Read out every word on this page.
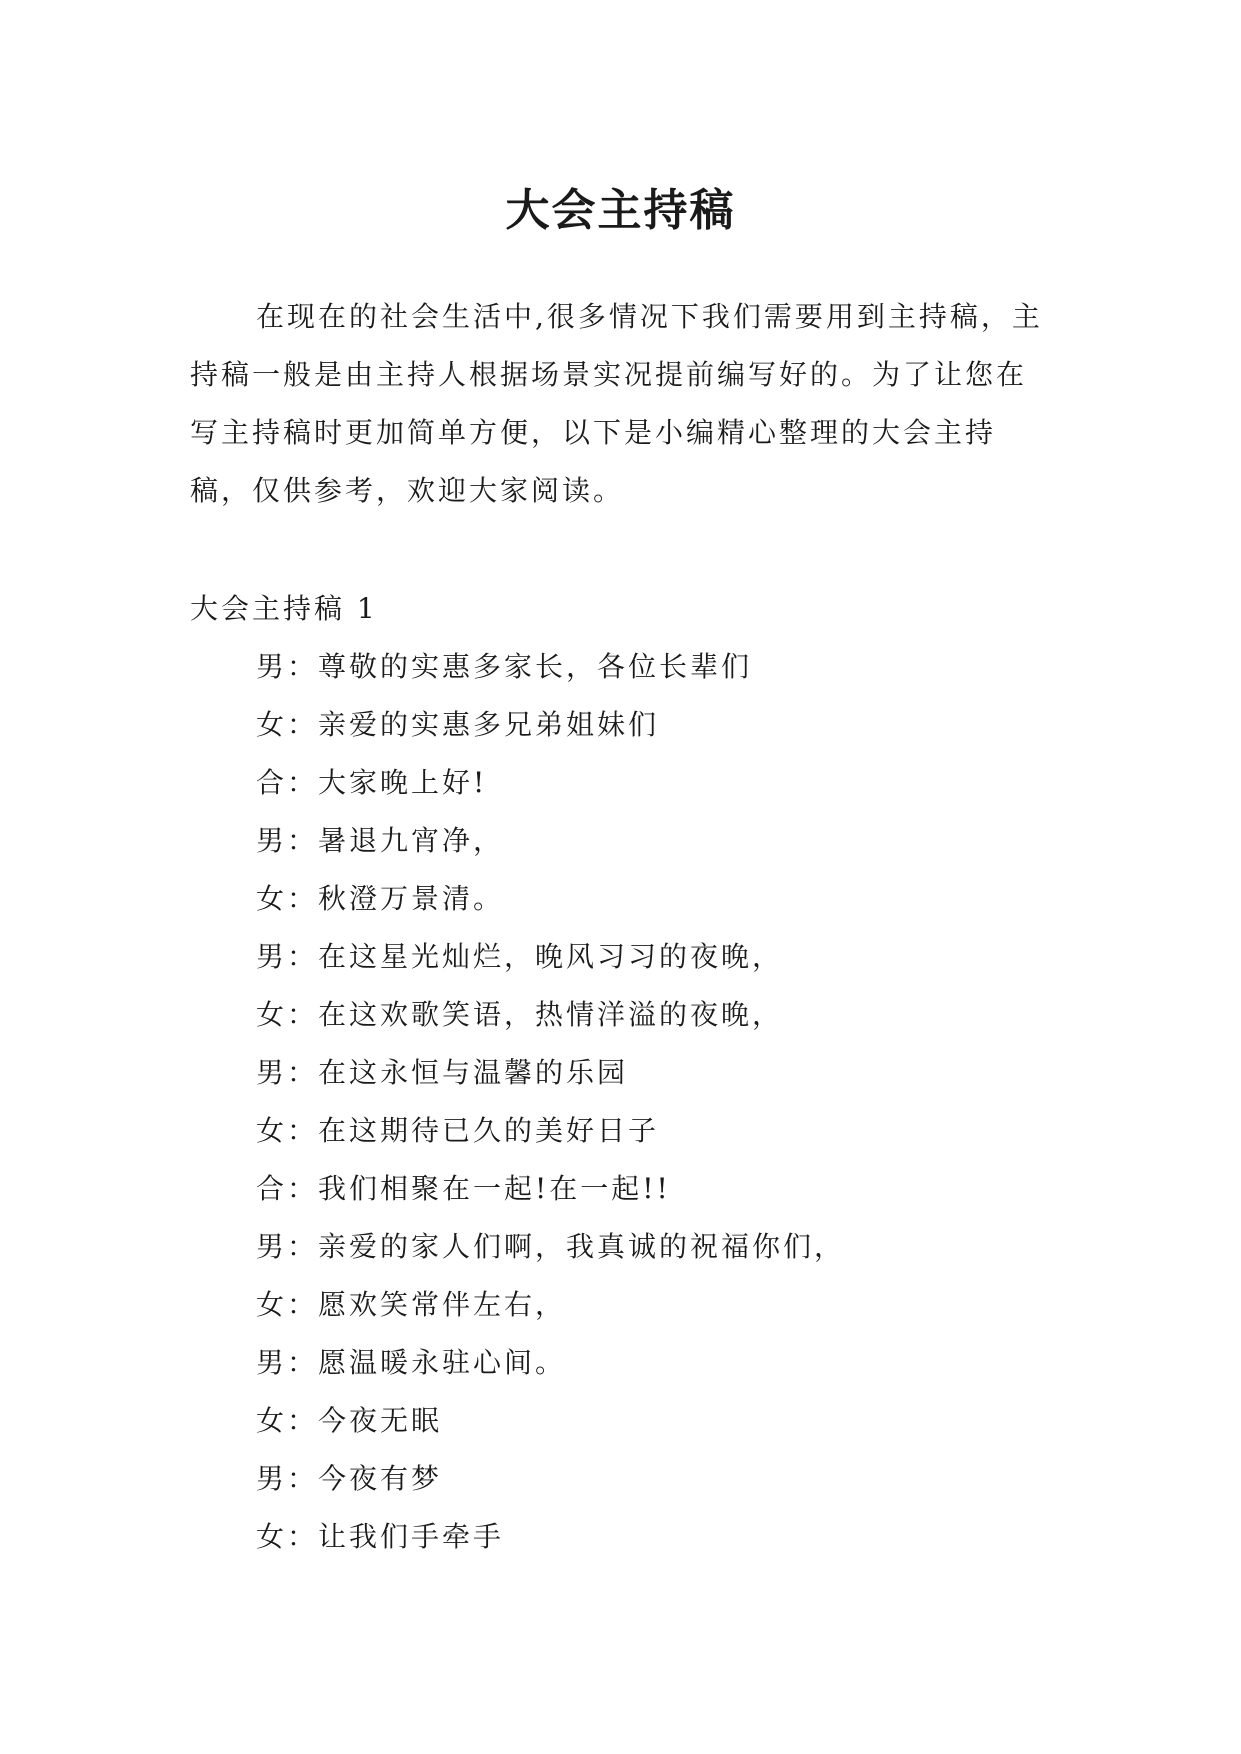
大会主持稿

在现在的社会生活中,很多情况下我们需要用到主持稿，主持稿一般是由主持人根据场景实况提前编写好的。为了让您在写主持稿时更加简单方便，以下是小编精心整理的大会主持稿，仅供参考，欢迎大家阅读。

大会主持稿 1

男：尊敬的实惠多家长，各位长辈们
女：亲爱的实惠多兄弟姐妹们
合：大家晚上好!
男：暑退九宵净，
女：秋澄万景清。
男：在这星光灿烂，晚风习习的夜晚，
女：在这欢歌笑语，热情洋溢的夜晚，
男：在这永恒与温馨的乐园
女：在这期待已久的美好日子
合：我们相聚在一起!在一起!!
男：亲爱的家人们啊，我真诚的祝福你们，
女：愿欢笑常伴左右，
男：愿温暖永驻心间。
女：今夜无眠
男：今夜有梦
女：让我们手牵手
